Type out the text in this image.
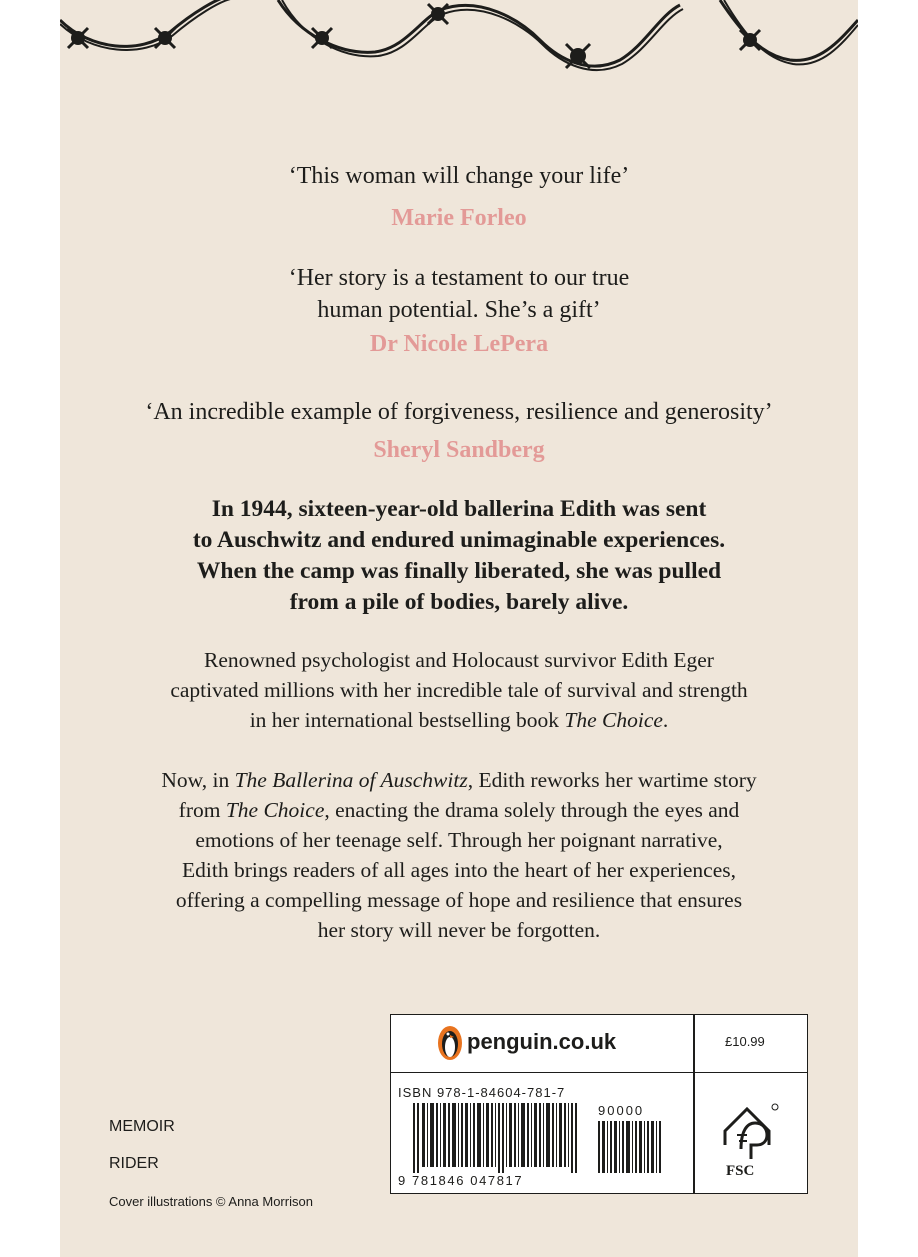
‘This woman will change your life’
Marie Forleo
‘Her story is a testament to our true
human potential. She’s a gift’
Dr Nicole LePera
‘An incredible example of forgiveness, resilience and generosity’
Sheryl Sandberg
In 1944, sixteen-year-old ballerina Edith was sent
to Auschwitz and endured unimaginable experiences.
When the camp was finally liberated, she was pulled
from a pile of bodies, barely alive.
Renowned psychologist and Holocaust survivor Edith Eger
captivated millions with her incredible tale of survival and strength
in her international bestselling book The Choice.
Now, in The Ballerina of Auschwitz, Edith reworks her wartime story
from The Choice, enacting the drama solely through the eyes and
emotions of her teenage self. Through her poignant narrative,
Edith brings readers of all ages into the heart of her experiences,
offering a compelling message of hope and resilience that ensures
her story will never be forgotten.
MEMOIR
RIDER
Cover illustrations © Anna Morrison
penguin.co.uk	£10.99
ISBN 978-1-84604-781-7
9 781846 047817
90000
FSC
